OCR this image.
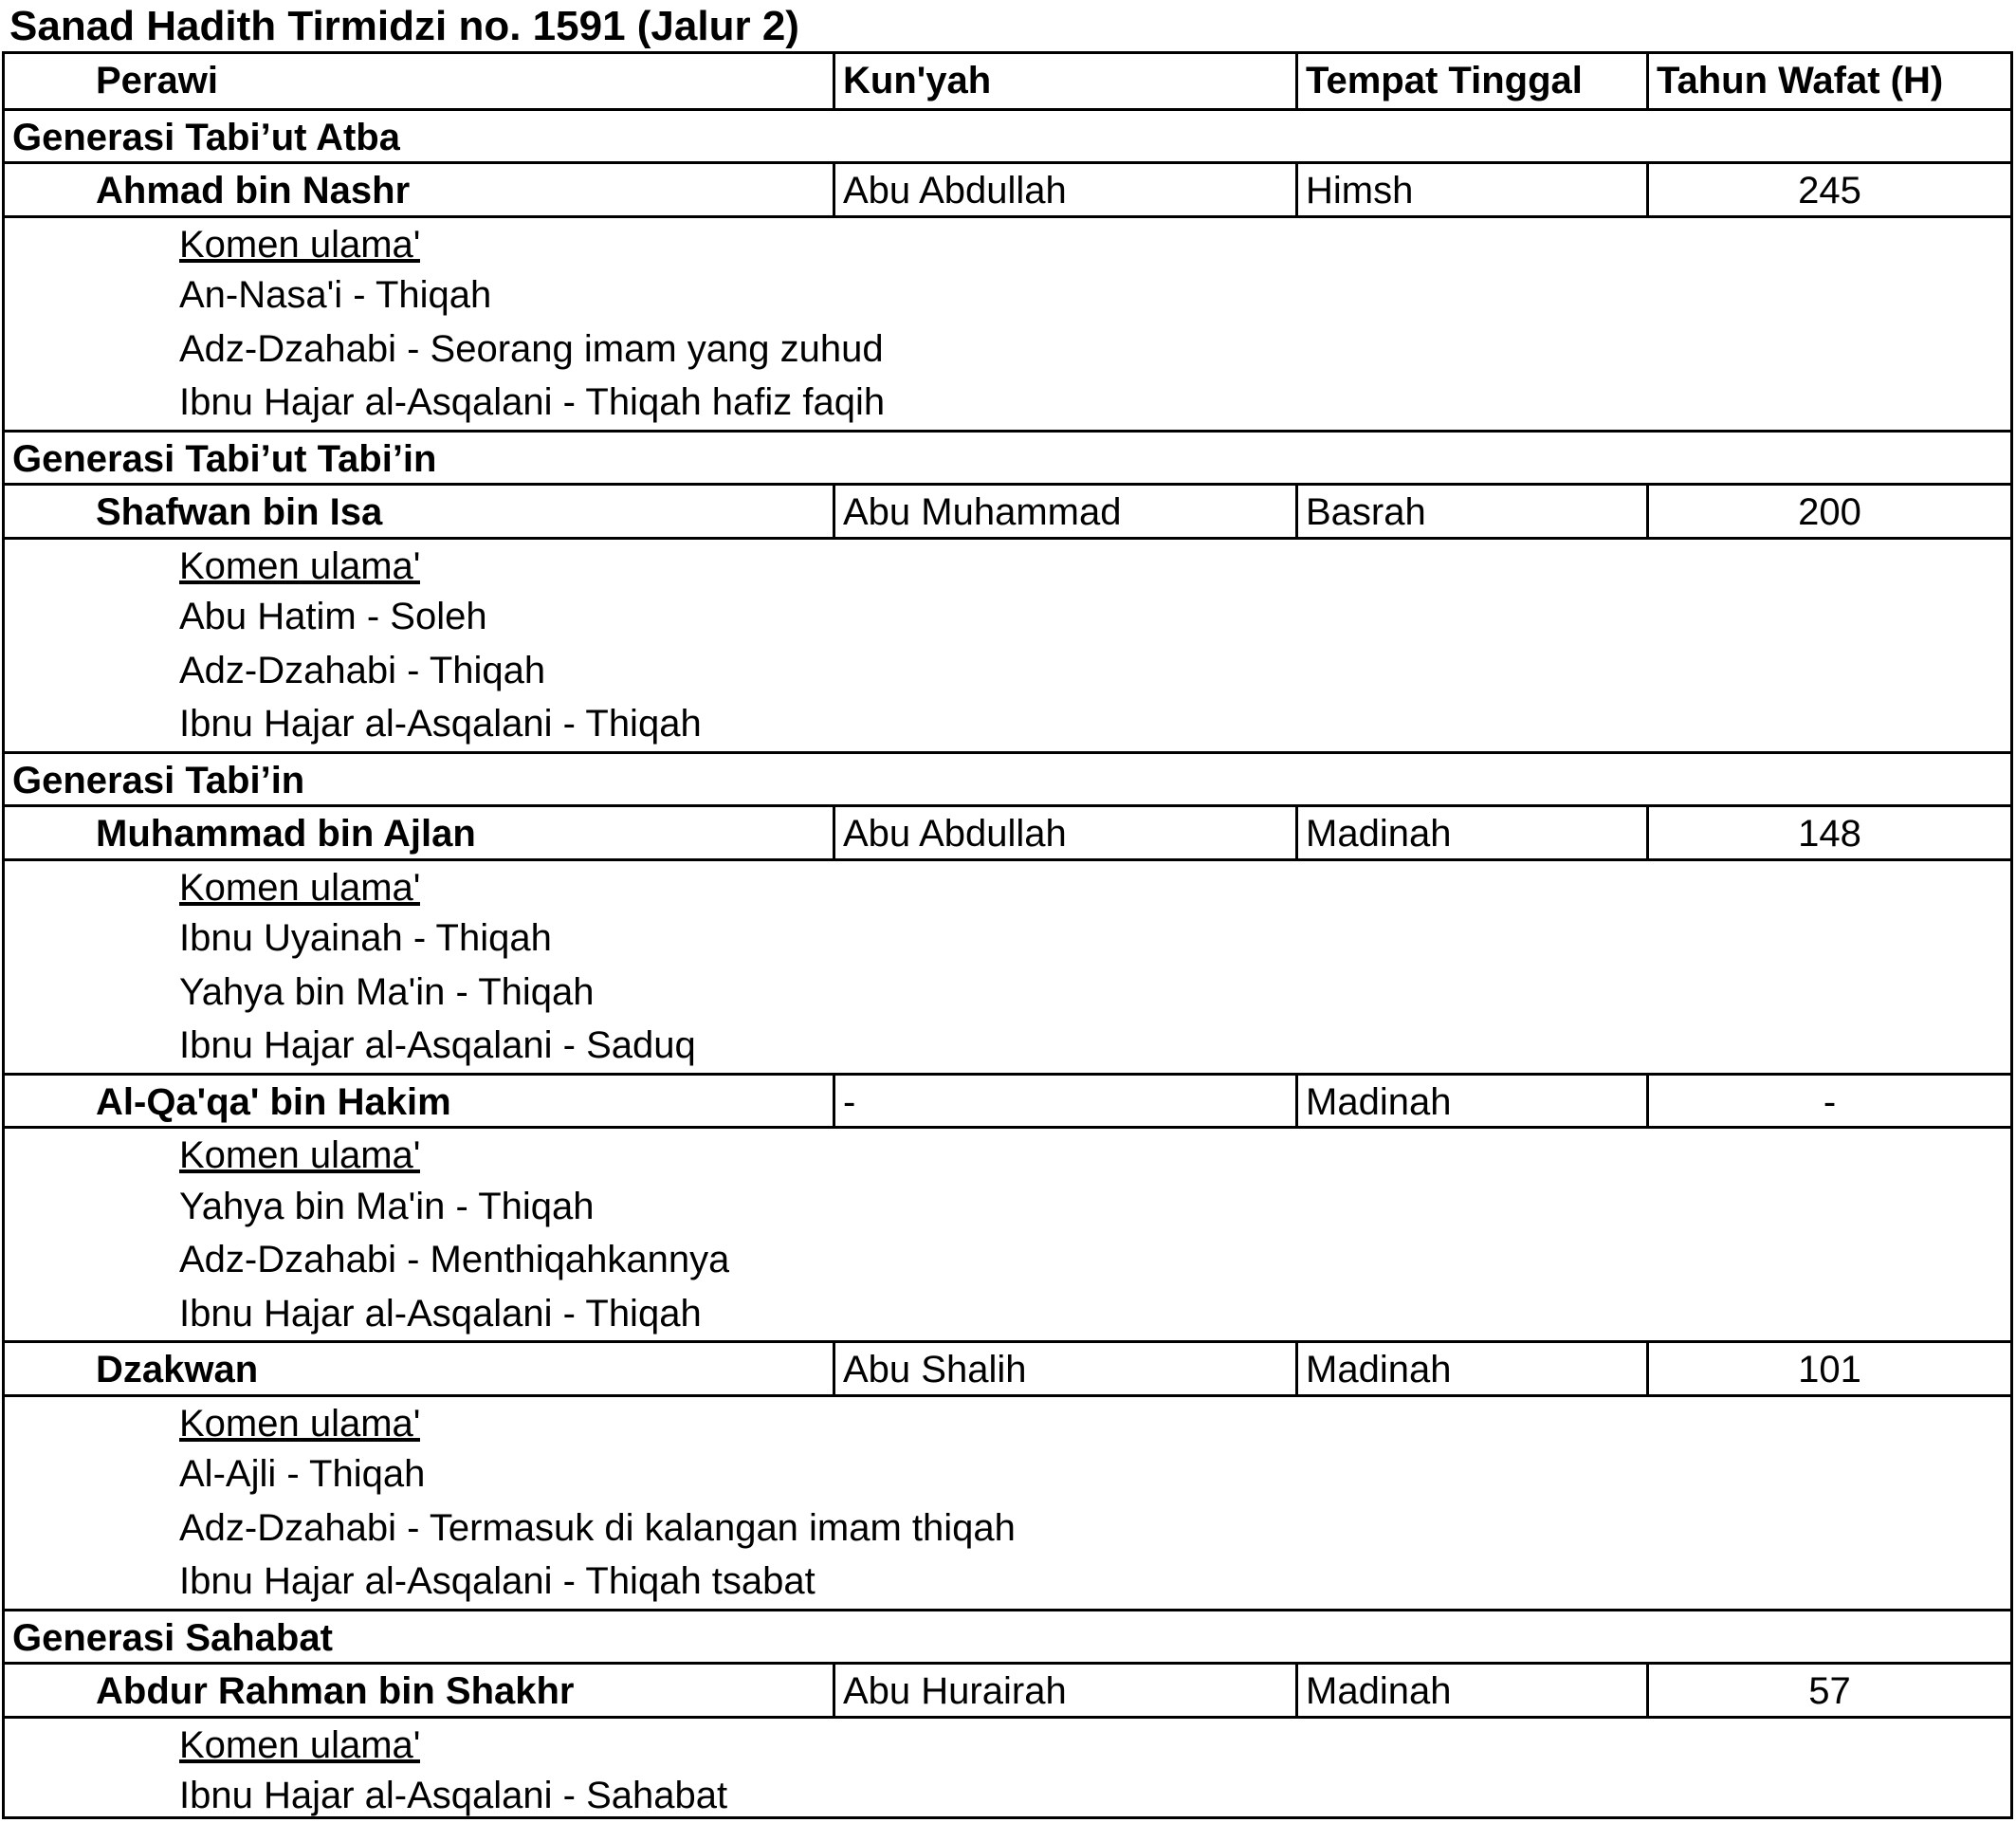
Sanad Hadith Tirmidzi no. 1591 (Jalur 2)
Perawi	Kun'yah	Tempat Tinggal	Tahun Wafat (H)
Generasi Tabi’ut Atba
Ahmad bin Nashr	Abu Abdullah	Himsh	245
Komen ulama'
An-Nasa'i - Thiqah
Adz-Dzahabi - Seorang imam yang zuhud
Ibnu Hajar al-Asqalani - Thiqah hafiz faqih
Generasi Tabi’ut Tabi’in
Shafwan bin Isa	Abu Muhammad	Basrah	200
Komen ulama'
Abu Hatim - Soleh
Adz-Dzahabi - Thiqah
Ibnu Hajar al-Asqalani - Thiqah
Generasi Tabi’in
Muhammad bin Ajlan	Abu Abdullah	Madinah	148
Komen ulama'
Ibnu Uyainah - Thiqah
Yahya bin Ma'in - Thiqah
Ibnu Hajar al-Asqalani - Saduq
Al-Qa'qa' bin Hakim	-	Madinah	-
Komen ulama'
Yahya bin Ma'in - Thiqah
Adz-Dzahabi - Menthiqahkannya
Ibnu Hajar al-Asqalani - Thiqah
Dzakwan	Abu Shalih	Madinah	101
Komen ulama'
Al-Ajli - Thiqah
Adz-Dzahabi - Termasuk di kalangan imam thiqah
Ibnu Hajar al-Asqalani - Thiqah tsabat
Generasi Sahabat
Abdur Rahman bin Shakhr	Abu Hurairah	Madinah	57
Komen ulama'
Ibnu Hajar al-Asqalani - Sahabat
